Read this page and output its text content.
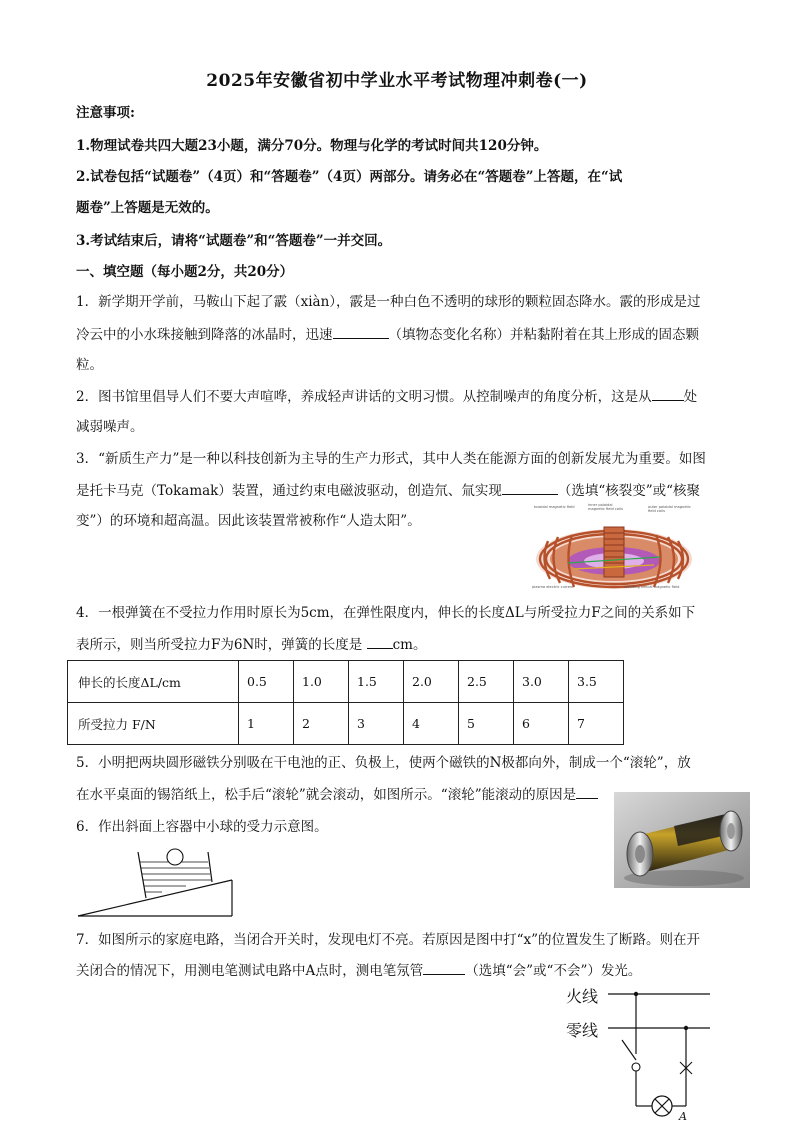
2025年安徽省初中学业水平考试物理冲刺卷(一)
注意事项:
1.物理试卷共四大题23小题，满分70分。物理与化学的考试时间共120分钟。
2.试卷包括“试题卷”（4页）和“答题卷”（4页）两部分。请务必在“答题卷”上答题，在“试
题卷”上答题是无效的。
3.考试结束后，请将“试题卷”和“答题卷”一并交回。
一、填空题（每小题2分，共20分）
1．新学期开学前，马鞍山下起了霰（xiàn），霰是一种白色不透明的球形的颗粒固态降水。霰的形成是过
冷云中的小水珠接触到降落的冰晶时，迅速	（填物态变化名称）并粘黏附着在其上形成的固态颗
粒。
2．图书馆里倡导人们不要大声喧哗，养成轻声讲话的文明习惯。从控制噪声的角度分析，这是从 处
减弱噪声。
3．“新质生产力”是一种以科技创新为主导的生产力形式，其中人类在能源方面的创新发展尤为重要。如图
是托卡马克（Tokamak）装置，通过约束电磁波驱动，创造氘、氚实现	（选填“核裂变”或“核聚
变”）的环境和超高温。因此该装置常被称作“人造太阳”。
toroidal magnetic field	inner poloidal magnetic field coils	outer poloidal magnetic field coils
plasma electric current	resulting helical magnetic field
4．一根弹簧在不受拉力作用时原长为5cm，在弹性限度内，伸长的长度ΔL与所受拉力F之间的关系如下
表所示，则当所受拉力F为6N时，弹簧的长度是 cm。
伸长的长度ΔL/cm	0.5	1.0	1.5	2.0	2.5	3.0	3.5
所受拉力 F/N	1	2	3	4	5	6	7
5．小明把两块圆形磁铁分别吸在干电池的正、负极上，使两个磁铁的N极都向外，制成一个“滚轮”，放
在水平桌面的锡箔纸上，松手后“滚轮”就会滚动，如图所示。“滚轮”能滚动的原因是
6．作出斜面上容器中小球的受力示意图。
7．如图所示的家庭电路，当闭合开关时，发现电灯不亮。若原因是图中打“x”的位置发生了断路。则在开
关闭合的情况下，用测电笔测试电路中A点时，测电笔氖管	（选填“会”或“不会”）发光。
火线
零线
A
